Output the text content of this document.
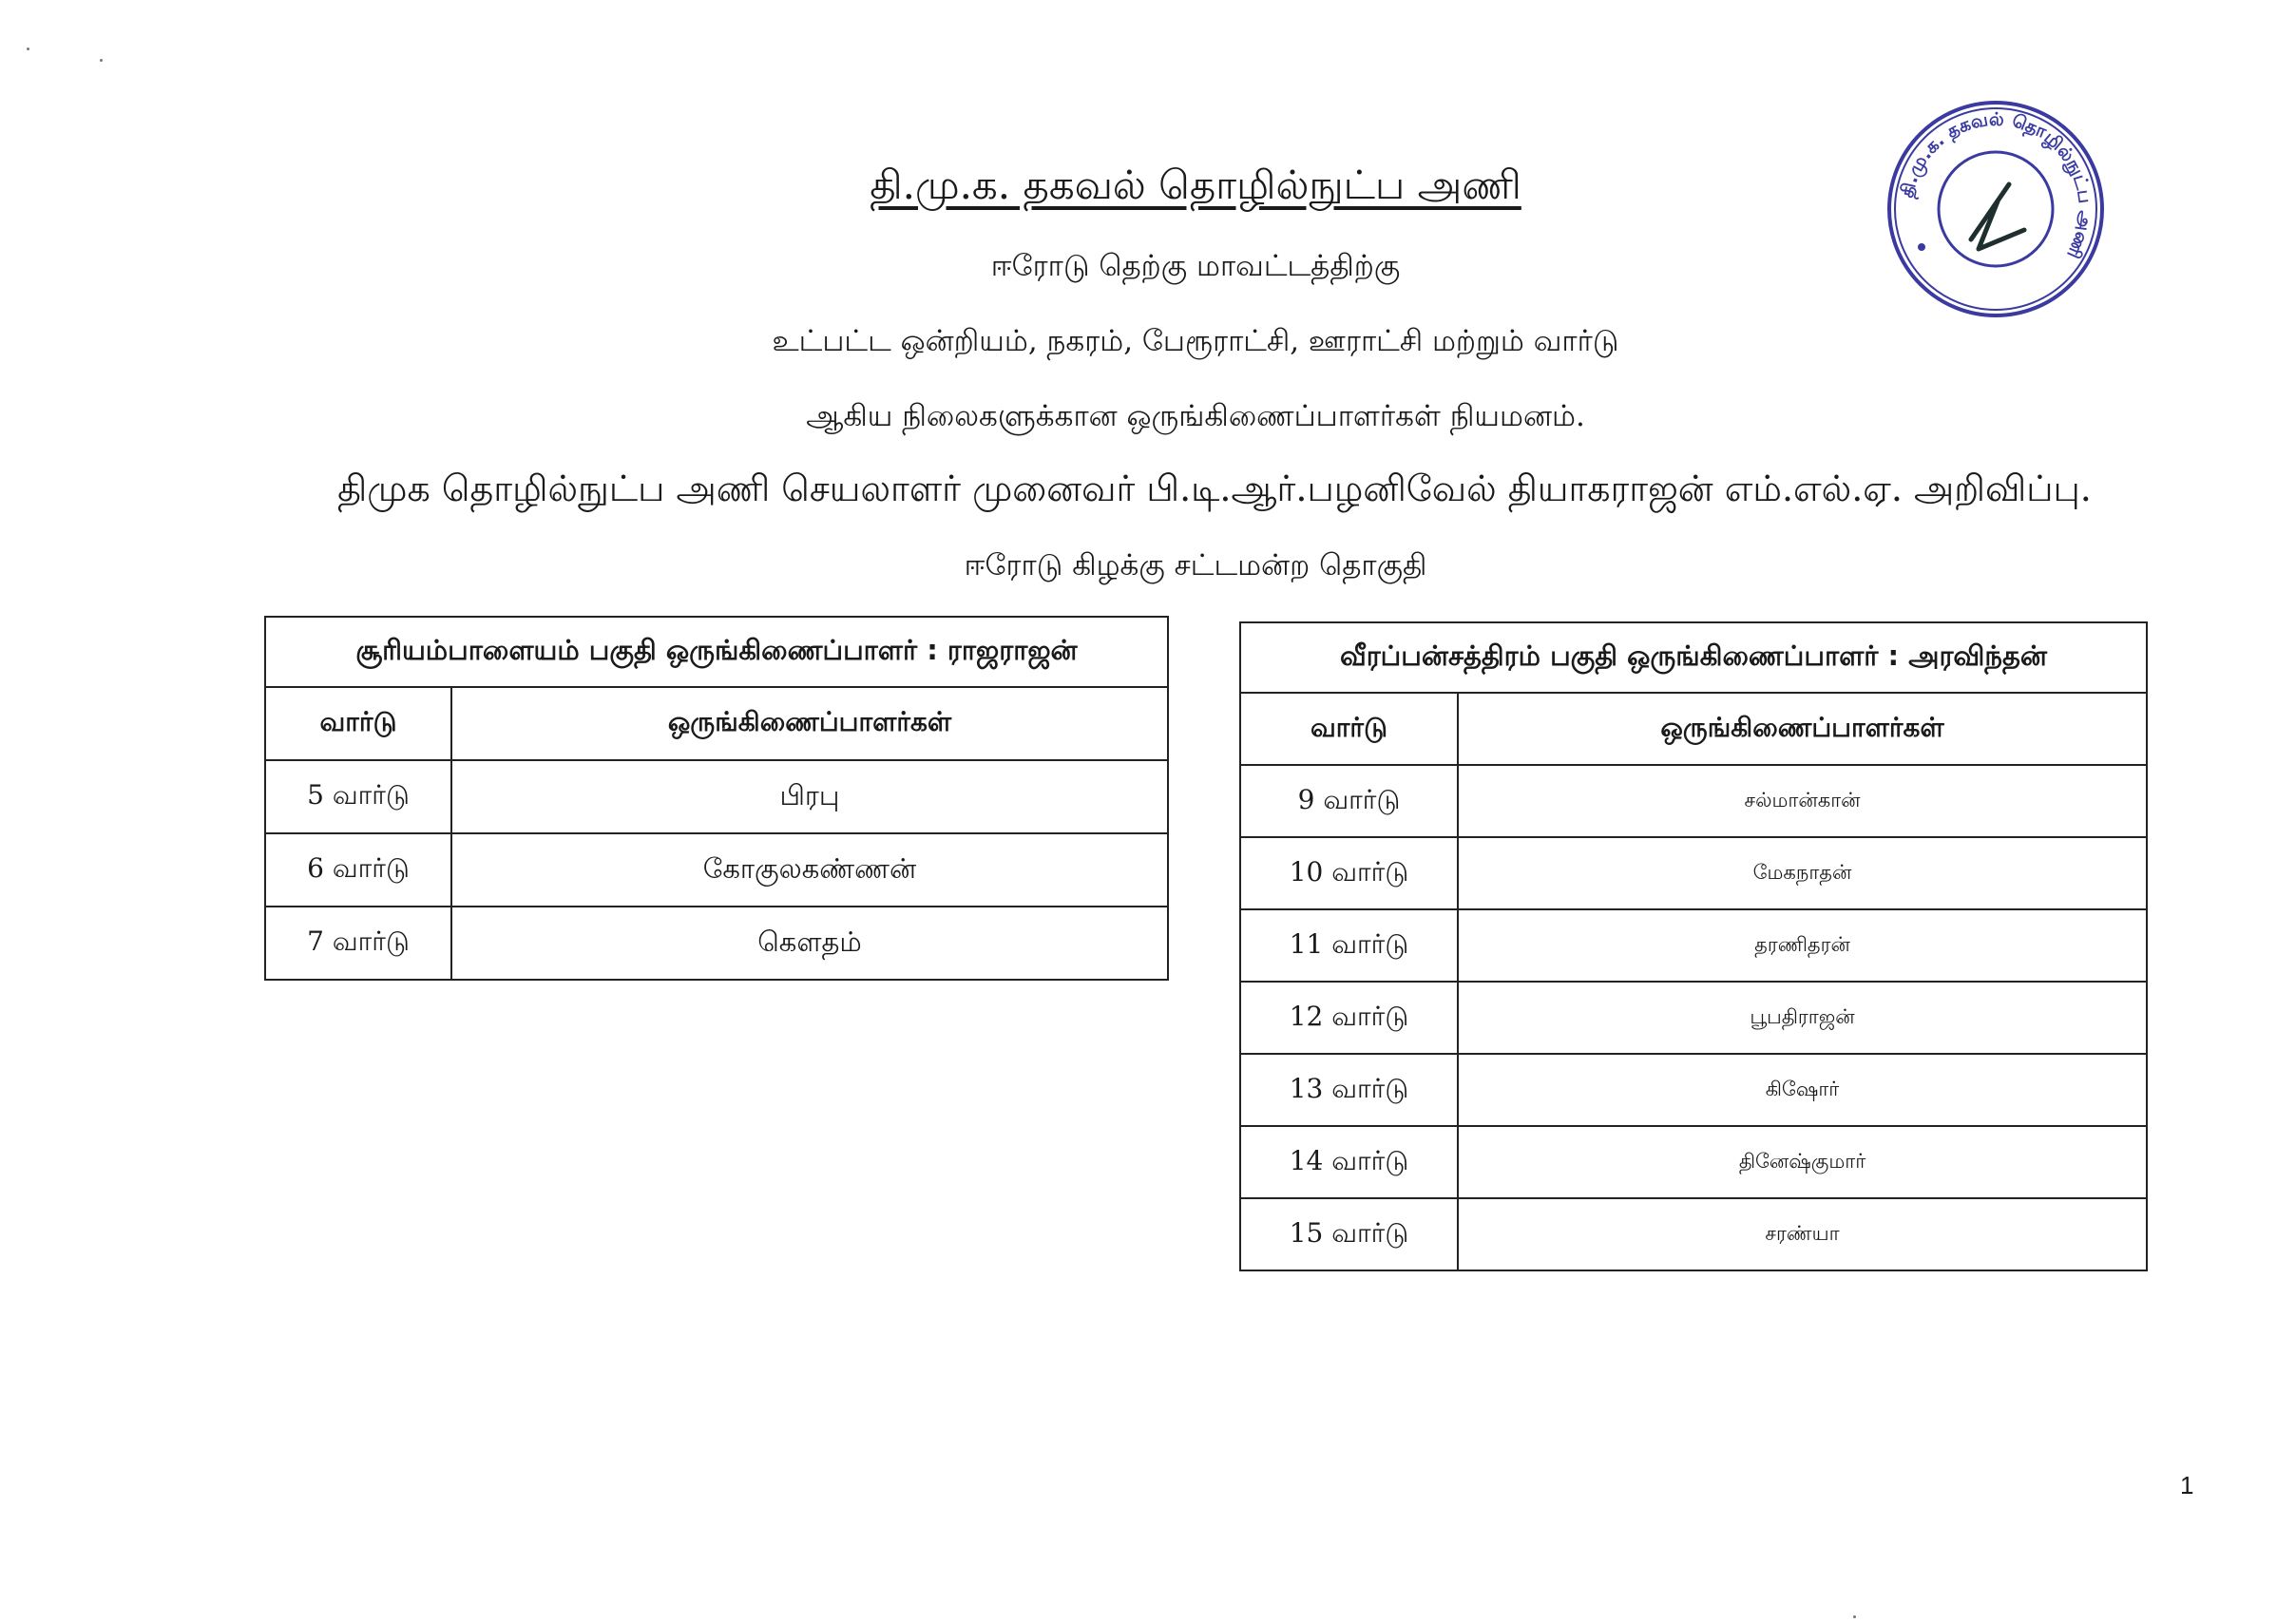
தி.மு.க. தகவல் தொழில்நுட்ப அணி
ஈரோடு தெற்கு மாவட்டத்திற்கு
உட்பட்ட ஒன்றியம், நகரம், பேரூராட்சி, ஊராட்சி மற்றும் வார்டு
ஆகிய நிலைகளுக்கான ஒருங்கிணைப்பாளர்கள் நியமனம்.
திமுக தொழில்நுட்ப அணி செயலாளர் முனைவர் பி.டி.ஆர்.பழனிவேல் தியாகராஜன் எம்.எல்.ஏ. அறிவிப்பு.
ஈரோடு கிழக்கு சட்டமன்ற தொகுதி
தி.மு.க. தகவல் தொழில்நுட்ப அணி
சூரியம்பாளையம் பகுதி ஒருங்கிணைப்பாளர் : ராஜராஜன்
வார்டு	ஒருங்கிணைப்பாளர்கள்
5 வார்டு	பிரபு
6 வார்டு	கோகுலகண்ணன்
7 வார்டு	கௌதம்
வீரப்பன்சத்திரம் பகுதி ஒருங்கிணைப்பாளர் : அரவிந்தன்
வார்டு	ஒருங்கிணைப்பாளர்கள்
9 வார்டு	சல்மான்கான்
10 வார்டு	மேகநாதன்
11 வார்டு	தரணிதரன்
12 வார்டு	பூபதிராஜன்
13 வார்டு	கிஷோர்
14 வார்டு	தினேஷ்குமார்
15 வார்டு	சரண்யா
1
